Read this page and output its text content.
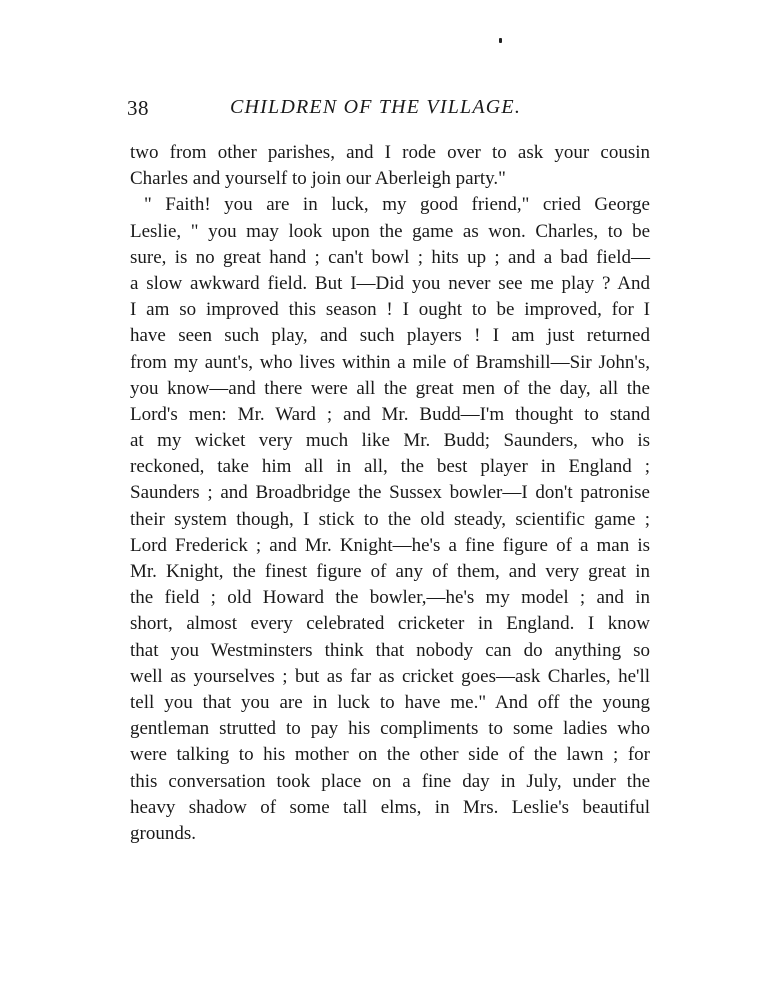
38	CHILDREN OF THE VILLAGE.
two from other parishes, and I rode over to ask your cousin
Charles and yourself to join our Aberleigh party."
" Faith! you are in luck, my good friend," cried George
Leslie, " you may look upon the game as won. Charles, to be
sure, is no great hand ; can't bowl ; hits up ; and a bad field—
a slow awkward field. But I—Did you never see me play ? And
I am so improved this season ! I ought to be improved, for I
have seen such play, and such players ! I am just returned
from my aunt's, who lives within a mile of Bramshill—Sir John's,
you know—and there were all the great men of the day, all the
Lord's men: Mr. Ward ; and Mr. Budd—I'm thought to stand
at my wicket very much like Mr. Budd; Saunders, who is
reckoned, take him all in all, the best player in England ;
Saunders ; and Broadbridge the Sussex bowler—I don't patronise
their system though, I stick to the old steady, scientific game ;
Lord Frederick ; and Mr. Knight—he's a fine figure of a man is
Mr. Knight, the finest figure of any of them, and very great in
the field ; old Howard the bowler,—he's my model ; and in
short, almost every celebrated cricketer in England. I know
that you Westminsters think that nobody can do anything so
well as yourselves ; but as far as cricket goes—ask Charles, he'll
tell you that you are in luck to have me." And off the young
gentleman strutted to pay his compliments to some ladies who
were talking to his mother on the other side of the lawn ; for
this conversation took place on a fine day in July, under the
heavy shadow of some tall elms, in Mrs. Leslie's beautiful
grounds.
